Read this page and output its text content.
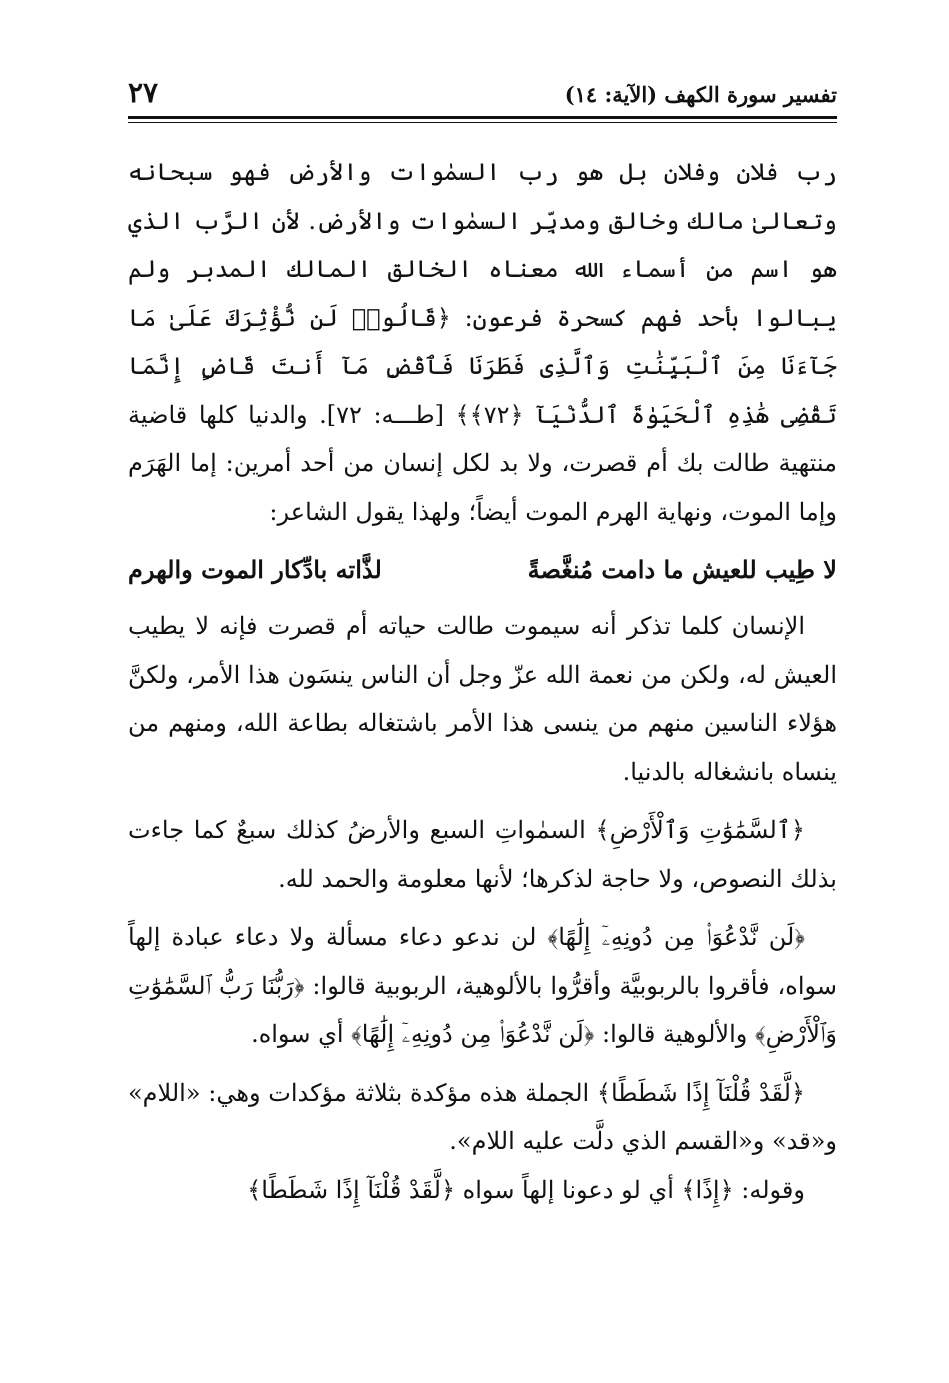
تفسير سورة الكهف (الآية: ١٤)
٢٧

رب فلان وفلان بل هو رب السمٰوات والأرض فهو سبحانه وتعالىٰ مالك وخالق ومدبِّر السمٰوات والأرض. لأن الرَّب الذي هو اسم من أسماء الله معناه الخالق المالك المدبر ولم يبالوا بأحد فهم كسحرة فرعون: ﴿قَالُوا۟ لَن نُّؤْثِرَكَ عَلَىٰ مَا جَآءَنَا مِنَ ٱلْبَيِّنَٰتِ وَٱلَّذِى فَطَرَنَا فَٱقْضِ مَآ أَنتَ قَاضٍ إِنَّمَا تَقْضِى هَٰذِهِ ٱلْحَيَوٰةَ ٱلدُّنْيَآ ﴿٧٢﴾﴾ [طـــه: ٧٢]. والدنيا كلها قاضية منتهية طالت بك أم قصرت، ولا بد لكل إنسان من أحد أمرين: إما الهَرَم وإما الموت، ونهاية الهرم الموت أيضاً؛ ولهذا يقول الشاعر:

لا طِيب للعيش ما دامت مُنغَّصةً
لذَّاته بادِّكار الموت والهرم

الإنسان كلما تذكر أنه سيموت طالت حياته أم قصرت فإنه لا يطيب العيش له، ولكن من نعمة الله عزّ وجل أن الناس ينسَون هذا الأمر، ولكنَّ هؤلاء الناسين منهم من ينسى هذا الأمر باشتغاله بطاعة الله، ومنهم من ينساه بانشغاله بالدنيا.

﴿ٱلسَّمَٰوَٰتِ وَٱلْأَرْضِ﴾ السمٰواتِ السبع والأرضُ كذلك سبعٌ كما جاءت بذلك النصوص، ولا حاجة لذكرها؛ لأنها معلومة والحمد لله.

﴿لَن نَّدْعُوَا۟ مِن دُونِهِۦٓ إِلَٰهًا﴾ لن ندعو دعاء مسألة ولا دعاء عبادة إلهاً سواه، فأقروا بالربوبيَّة وأقرُّوا بالألوهية، الربوبية قالوا: ﴿رَبُّنَا رَبُّ ٱلسَّمَٰوَٰتِ وَٱلْأَرْضِ﴾ والألوهية قالوا: ﴿لَن نَّدْعُوَا۟ مِن دُونِهِۦٓ إِلَٰهًا﴾ أي سواه.

﴿لَّقَدْ قُلْنَآ إِذًا شَطَطًا﴾ الجملة هذه مؤكدة بثلاثة مؤكدات وهي: «اللام» و«قد» و«القسم الذي دلَّت عليه اللام».

وقوله: ﴿إِذًا﴾ أي لو دعونا إلهاً سواه ﴿لَّقَدْ قُلْنَآ إِذًا شَطَطًا﴾
